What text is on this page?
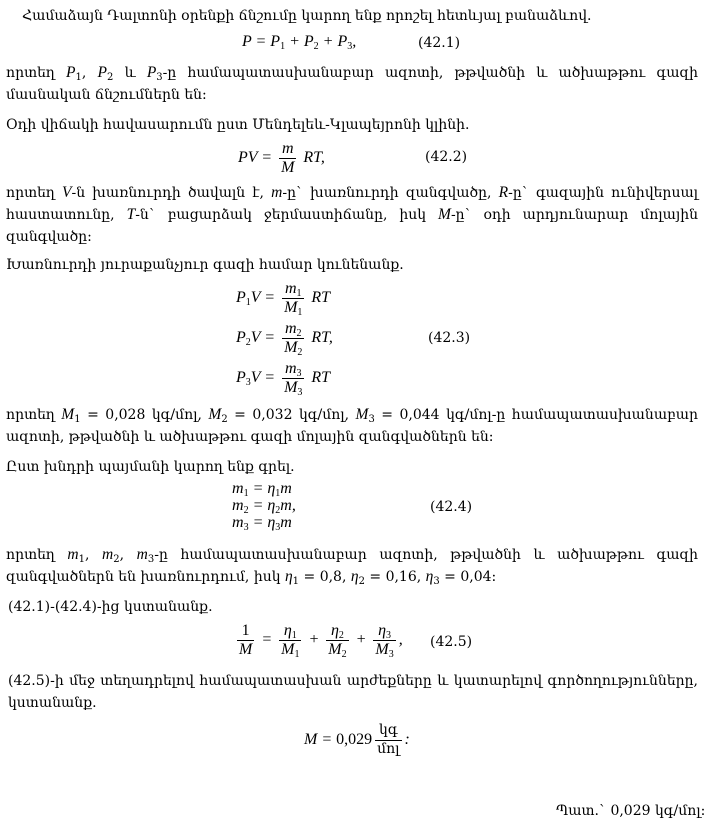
Համաձայն Դալտոնի օրենքի ճնշումը կարող ենք որոշել հետևյալ բանաձևով.
$P = P_1 + P_2 + P_3$,	(42.1)
որտեղ $P_1$, $P_2$ և $P_3-ը$ համապատասխանաբար ազոտի, թթվածնի և ածխաթթու գազի մասնական ճնշումներն են:
Օդի վիճակի հավասարումն ըստ Մենդելեև-Կլապեյրոնի կլինի.
PV = $\frac{m}{M}$ RT,	(42.2)
որտեղ V-ն խառնուրդի ծավալն է, m-ը` խառնուրդի զանգվածը, R-ը` գազային ունիվերսալ հաստատունը, T-ն` բացարձակ ջերմաստիճանը, իսկ M-ը` օդի արդյունարար մոլային զանգվածը:
Խառնուրդի յուրաքանչյուր գազի համար կունենանք.
$P_1V = \frac{m_1}{M_1}$ RT
$P_2V = \frac{m_2}{M_2}$ RT,
$P_3V = \frac{m_3}{M_3}$ RT
(42.3)
որտեղ $M_1 = 0,028$ կգ/մոլ, $M_2 = 0,032$ կգ/մոլ, $M_3 = 0,044$ կգ/մոլ-ը համապատասխանաբար ազոտի, թթվածնի և ածխաթթու գազի մոլային զանգվածներն են:
Ըստ խնդրի պայմանի կարող ենք գրել.
$m_1 = \eta_1m$
$m_2 = \eta_2m$,
$m_3 = \eta_3m$
(42.4)
որտեղ $m_1$, $m_2$, $m_3-ը$ համապատասխանաբար ազոտի, թթվածնի և ածխաթթու գազի զանգվածներն են խառնուրդում, իսկ $\eta_1 = 0,8$, $\eta_2 = 0,16$, $\eta_3 = 0,04$:
(42.1)-(42.4)-ից կստանանք.
$\frac{1}{M} = \frac{\eta_1}{M_1} + \frac{\eta_2}{M_2} + \frac{\eta_3}{M_3}$ , (42.5)
(42.5)-ի մեջ տեղադրելով համապատասխան արժեքները և կատարելով գործողությունները, կստանանք.
$M = 0,029 \frac{\text{կգ}}{\text{մոլ}}$ :
Պատ.` 0,029 կգ/մոլ:
